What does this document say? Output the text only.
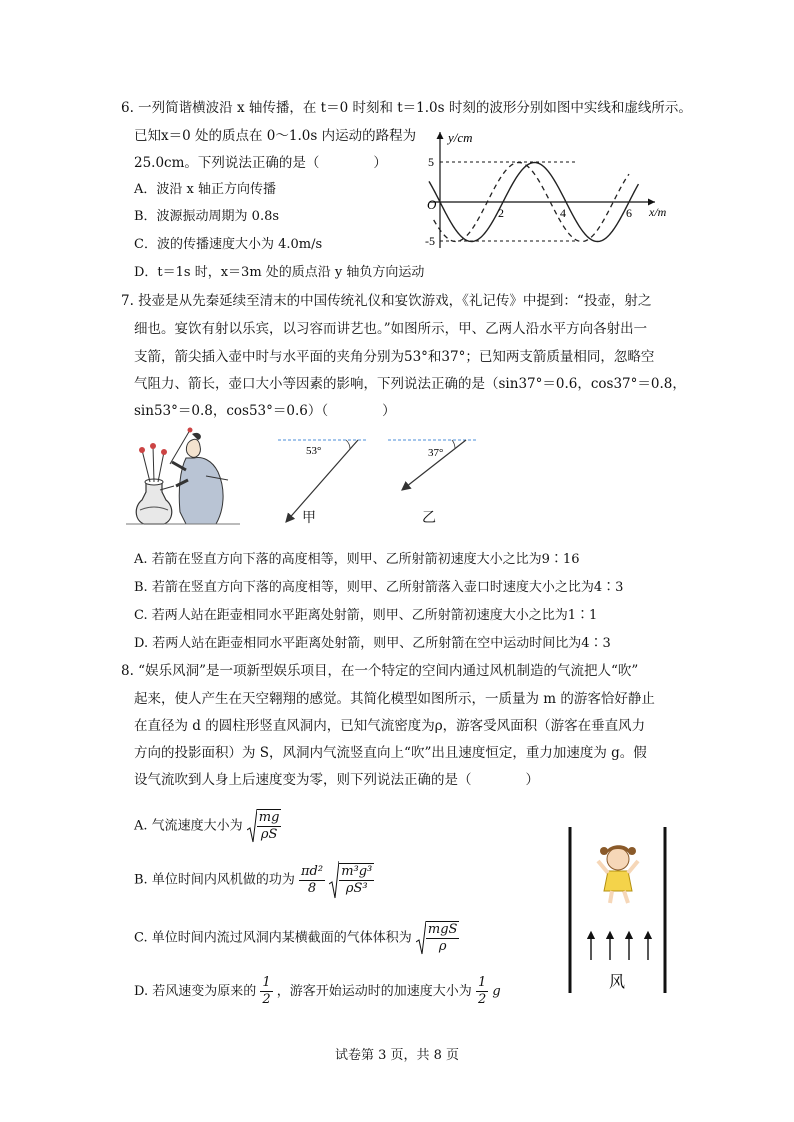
6. 一列简谐横波沿 x 轴传播，在 t＝0 时刻和 t＝1.0s 时刻的波形分别如图中实线和虚线所示。
已知x＝0 处的质点在 0～1.0s 内运动的路程为
25.0cm。下列说法正确的是（　　　　）
A．波沿 x 轴正方向传播
B．波源振动周期为 0.8s
C．波的传播速度大小为 4.0m/s
D．t＝1s 时，x＝3m 处的质点沿 y 轴负方向运动
y/cm
x/m
O
5
-5
2	4	6
7. 投壶是从先秦延续至清末的中国传统礼仪和宴饮游戏，《礼记传》中提到：“投壶，射之
细也。宴饮有射以乐宾，以习容而讲艺也。”如图所示，甲、乙两人沿水平方向各射出一
支箭，箭尖插入壶中时与水平面的夹角分别为53°和37°；已知两支箭质量相同，忽略空
气阻力、箭长，壶口大小等因素的影响，下列说法正确的是（sin37°＝0.6，cos37°＝0.8，
sin53°＝0.8，cos53°＝0.6）（　　　　）
53°	37°
甲	乙
A. 若箭在竖直方向下落的高度相等，则甲、乙所射箭初速度大小之比为9∶16
B. 若箭在竖直方向下落的高度相等，则甲、乙所射箭落入壶口时速度大小之比为4∶3
C. 若两人站在距壶相同水平距离处射箭，则甲、乙所射箭初速度大小之比为1∶1
D. 若两人站在距壶相同水平距离处射箭，则甲、乙所射箭在空中运动时间比为4∶3
8. “娱乐风洞”是一项新型娱乐项目，在一个特定的空间内通过风机制造的气流把人“吹”
起来，使人产生在天空翱翔的感觉。其简化模型如图所示，一质量为 m 的游客恰好静止
在直径为 d 的圆柱形竖直风洞内，已知气流密度为ρ，游客受风面积（游客在垂直风力
方向的投影面积）为 S，风洞内气流竖直向上“吹”出且速度恒定，重力加速度为 g。假
设气流吹到人身上后速度变为零，则下列说法正确的是（　　　　）
A. 气流速度大小为 $\frac{mg}{\rho S}$
B. 单位时间内风机做的功为 $\frac{\text{πd²}}{8}$
$\frac{\text{m³g³}}{\text{ρS³}}$
C. 单位时间内流过风洞内某横截面的气体体积为 $\frac{\text{mgS}}{\rho}$
D. 若风速变为原来的 $\frac{1}{2}$ ，游客开始运动时的加速度大小为 $\frac{1}{2}$ g
风
试卷第 3 页，共 8 页
